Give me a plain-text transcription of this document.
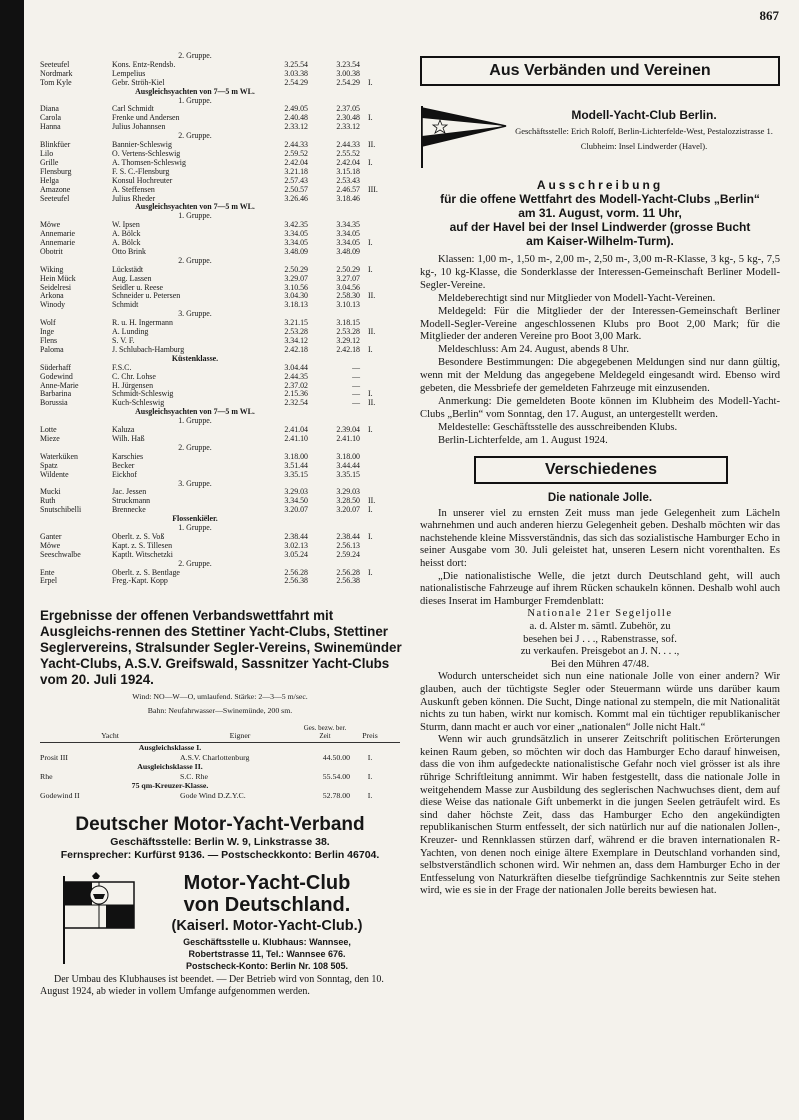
867
2. Gruppe.
Seeteufel	Kons. Entz-Rendsb.	3.25.54	3.23.54
Nordmark	Lempelius	3.03.38	3.00.38
Tom Kyle	Gebr. Ströh-Kiel	2.54.29	2.54.29	I.
Ausgleichsyachten von 7—5 m WL.
1. Gruppe.
Diana	Carl Schmidt	2.49.05	2.37.05
Carola	Frenke und Andersen	2.40.48	2.30.48	I.
Hanna	Julius Johannsen	2.33.12	2.33.12
2. Gruppe.
Blinkfüer	Bannier-Schleswig	2.44.33	2.44.33	II.
Lilo	O. Vertens-Schleswig	2.59.52	2.55.52
Grille	A. Thomsen-Schleswig	2.42.04	2.42.04	I.
Flensburg	F. S. C.-Flensburg	3.21.18	3.15.18
Helga	Konsul Hochreuter	2.57.43	2.53.43
Amazone	A. Steffensen	2.50.57	2.46.57	III.
Seeteufel	Julius Rheder	3.26.46	3.18.46
Ausgleichsyachten von 7—5 m WL.
1. Gruppe.
Möwe	W. Ipsen	3.42.35	3.34.35
Annemarie	A. Bölck	3.34.05	3.34.05
Annemarie	A. Bölck	3.34.05	3.34.05	I.
Obotrit	Otto Brink	3.48.09	3.48.09
2. Gruppe.
Wiking	Lückstädt	2.50.29	2.50.29	I.
Hein Mück	Aug. Lassen	3.29.07	3.27.07
Seidelresi	Seidler u. Reese	3.10.56	3.04.56
Arkona	Schneider u. Petersen	3.04.30	2.58.30	II.
Winody	Schmidt	3.18.13	3.10.13
3. Gruppe.
Wolf	R. u. H. Ingermann	3.21.15	3.18.15
Inge	A. Lunding	2.53.28	2.53.28	II.
Flens	S. V. F.	3.34.12	3.29.12
Paloma	J. Schlubach-Hamburg	2.42.18	2.42.18	I.
Küstenklasse.
Süderhaff	F.S.C.	3.04.44	—
Godewind	C. Chr. Lohse	2.44.35	—
Anne-Marie	H. Jürgensen	2.37.02	—
Barbarina	Schmidt-Schleswig	2.15.36	—	I.
Borussia	Kuch-Schleswig	2.32.54	—	II.
Ausgleichsyachten von 7—5 m WL.
1. Gruppe.
Lotte	Kaluza	2.41.04	2.39.04	I.
Mieze	Wilh. Haß	2.41.10	2.41.10
2. Gruppe.
Waterküken	Karschies	3.18.00	3.18.00
Spatz	Becker	3.51.44	3.44.44
Wildente	Eickhof	3.35.15	3.35.15
3. Gruppe.
Mucki	Jac. Jessen	3.29.03	3.29.03
Ruth	Struckmann	3.34.50	3.28.50	II.
Snutschibelli	Brennecke	3.20.07	3.20.07	I.
Flossenkiëler.
1. Gruppe.
Ganter	Oberlt. z. S. Voß	2.38.44	2.38.44	I.
Möwe	Kapt. z. S. Tillesen	3.02.13	2.56.13
Seeschwalbe	Kaptlt. Witschetzki	3.05.24	2.59.24
2. Gruppe.
Ente	Oberlt. z. S. Bentlage	2.56.28	2.56.28	I.
Erpel	Freg.-Kapt. Kopp	2.56.38	2.56.38
Ergebnisse der offenen Verbandswettfahrt mit Ausgleichs-rennen des Stettiner Yacht-Clubs, Stettiner Seglervereins, Stralsunder Segler-Vereins, Swinemünder Yacht-Clubs, A.S.V. Greifswald, Sassnitzer Yacht-Clubs vom 20. Juli 1924.
Wind: NO—W—O, umlaufend. Stärke: 2—3—5 m/sec.
Bahn: Neufahrwasser—Swinemünde, 200 sm.
Yacht	Eigner
Ges. bezw. ber. Zeit	Preis
Ausgleichsklasse I.
Prosit III	A.S.V. Charlottenburg	44.50.00	I.
Ausgleichsklasse II.
Rhe	S.C. Rhe	55.54.00	I.
75 qm-Kreuzer-Klasse.
Godewind II	Gode Wind D.Z.Y.C.	52.78.00	I.
Deutscher Motor-Yacht-Verband
Geschäftsstelle: Berlin W. 9, Linkstrasse 38.
Fernsprecher: Kurfürst 9136. — Postscheckkonto: Berlin 46704.
Motor-Yacht-Club
von Deutschland.
(Kaiserl. Motor-Yacht-Club.)
Geschäftsstelle u. Klubhaus: Wannsee,
Robertstrasse 11, Tel.: Wannsee 676.
Postscheck-Konto: Berlin Nr. 108 505.
Der Umbau des Klubhauses ist beendet. — Der Betrieb wird von Sonntag, den 10. August 1924, ab wieder in vollem Umfange aufgenommen werden.
Aus Verbänden und Vereinen
Modell-Yacht-Club Berlin.
Geschäftsstelle: Erich Roloff, Berlin-Lichterfelde-West, Pestalozzistrasse 1.
Clubheim: Insel Lindwerder (Havel).
Ausschreibung
für die offene Wettfahrt des Modell-Yacht-Clubs „Berlin“
am 31. August, vorm. 11 Uhr,
auf der Havel bei der Insel Lindwerder (grosse Bucht
am Kaiser-Wilhelm-Turm).

Klassen: 1,00 m-, 1,50 m-, 2,00 m-, 2,50 m-, 3,00 m-R-Klasse, 3 kg-, 5 kg-, 7,5 kg-, 10 kg-Klasse, die Sonderklasse der Interessen-Gemeinschaft Berliner Modell-Segler-Vereine.

Meldeberechtigt sind nur Mitglieder von Modell-Yacht-Vereinen.

Meldegeld: Für die Mitglieder der der Interessen-Gemeinschaft Berliner Modell-Segler-Vereine angeschlossenen Klubs pro Boot 2,00 Mark; für die Mitglieder der anderen Vereine pro Boot 3,00 Mark.

Meldeschluss: Am 24. August, abends 8 Uhr.

Besondere Bestimmungen: Die abgegebenen Meldungen sind nur dann gültig, wenn mit der Meldung das angegebene Meldegeld eingesandt wird. Ebenso wird gebeten, die Messbriefe der gemeldeten Fahrzeuge mit einzusenden.

Anmerkung: Die gemeldeten Boote können im Klubheim des Modell-Yacht-Clubs „Berlin“ vom Sonntag, den 17. August, an untergestellt werden.

Meldestelle: Geschäftsstelle des ausschreibenden Klubs.

Berlin-Lichterfelde, am 1. August 1924.

Verschiedenes
Die nationale Jolle.

In unserer viel zu ernsten Zeit muss man jede Gelegenheit zum Lächeln wahrnehmen und auch anderen hierzu Gelegenheit geben. Deshalb möchten wir das nachstehende kleine Missverständnis, das sich das sozialistische Hamburger Echo in seiner Ausgabe vom 30. Juli geleistet hat, unseren Lesern nicht vorenthalten. Es heisst dort:

„Die nationalistische Welle, die jetzt durch Deutschland geht, will auch nationalistische Fahrzeuge auf ihrem Rücken schaukeln können. Deshalb wohl auch dieses Inserat im Hamburger Fremdenblatt:

Nationale 21er Segeljolle
a. d. Alster m. sämtl. Zubehör, zu
besehen bei J . . ., Rabenstrasse, sof.
zu verkaufen. Preisgebot an J. N. . . .,
Bei den Mühren 47/48.

Wodurch unterscheidet sich nun eine nationale Jolle von einer andern? Wir glauben, auch der tüchtigste Segler oder Steuermann würde uns darüber kaum Auskunft geben können. Die Sucht, Dinge national zu stempeln, die mit Nationalität nichts zu tun haben, wirkt nur komisch. Kommt mal ein tüchtiger republikanischer Sturm, dann macht er auch vor einer „nationalen“ Jolle nicht Halt.“

Wenn wir auch grundsätzlich in unserer Zeitschrift politischen Erörterungen keinen Raum geben, so möchten wir doch das Hamburger Echo darauf hinweisen, dass die von ihm aufgedeckte nationalistische Gefahr noch viel grösser ist als ihre rührige Schriftleitung annimmt. Wir haben festgestellt, dass die nationale Jolle in weitgehendem Masse zur Ausbildung des seglerischen Nachwuchses dient, dem auf diese Weise das nationale Gift unbemerkt in die jungen Seelen geträufelt wird. Es sind daher höchste Zeit, dass das Hamburger Echo den angekündigten republikanischen Sturm entfesselt, der sich natürlich nur auf die nationalen Jollen-, Kreuzer- und Rennklassen stürzen darf, während er die braven internationalen R-Yachten, von denen noch einige ältere Exemplare in Deutschland vorhanden sind, selbstverständlich schonen wird. Wir nehmen an, dass dem Hamburger Echo in der Entfesselung von Naturkräften dieselbe tiefgründige Sachkenntnis zur Seite stehen wird, wie es sie in der Frage der nationalen Jolle bereits bewiesen hat.
